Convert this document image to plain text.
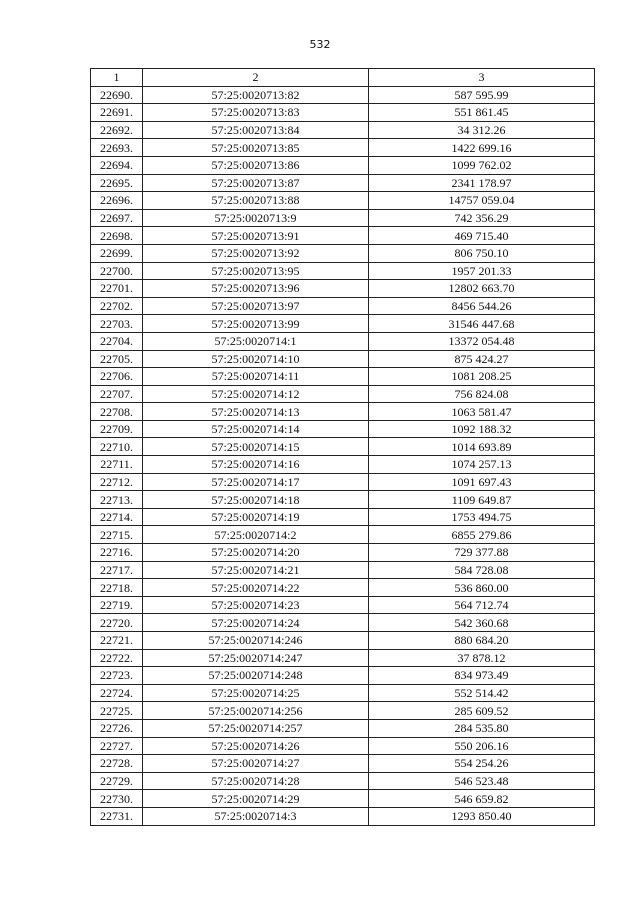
532
1	2	3
22690.	57:25:0020713:82	587 595.99
22691.	57:25:0020713:83	551 861.45
22692.	57:25:0020713:84	34 312.26
22693.	57:25:0020713:85	1422 699.16
22694.	57:25:0020713:86	1099 762.02
22695.	57:25:0020713:87	2341 178.97
22696.	57:25:0020713:88	14757 059.04
22697.	57:25:0020713:9	742 356.29
22698.	57:25:0020713:91	469 715.40
22699.	57:25:0020713:92	806 750.10
22700.	57:25:0020713:95	1957 201.33
22701.	57:25:0020713:96	12802 663.70
22702.	57:25:0020713:97	8456 544.26
22703.	57:25:0020713:99	31546 447.68
22704.	57:25:0020714:1	13372 054.48
22705.	57:25:0020714:10	875 424.27
22706.	57:25:0020714:11	1081 208.25
22707.	57:25:0020714:12	756 824.08
22708.	57:25:0020714:13	1063 581.47
22709.	57:25:0020714:14	1092 188.32
22710.	57:25:0020714:15	1014 693.89
22711.	57:25:0020714:16	1074 257.13
22712.	57:25:0020714:17	1091 697.43
22713.	57:25:0020714:18	1109 649.87
22714.	57:25:0020714:19	1753 494.75
22715.	57:25:0020714:2	6855 279.86
22716.	57:25:0020714:20	729 377.88
22717.	57:25:0020714:21	584 728.08
22718.	57:25:0020714:22	536 860.00
22719.	57:25:0020714:23	564 712.74
22720.	57:25:0020714:24	542 360.68
22721.	57:25:0020714:246	880 684.20
22722.	57:25:0020714:247	37 878.12
22723.	57:25:0020714:248	834 973.49
22724.	57:25:0020714:25	552 514.42
22725.	57:25:0020714:256	285 609.52
22726.	57:25:0020714:257	284 535.80
22727.	57:25:0020714:26	550 206.16
22728.	57:25:0020714:27	554 254.26
22729.	57:25:0020714:28	546 523.48
22730.	57:25:0020714:29	546 659.82
22731.	57:25:0020714:3	1293 850.40
